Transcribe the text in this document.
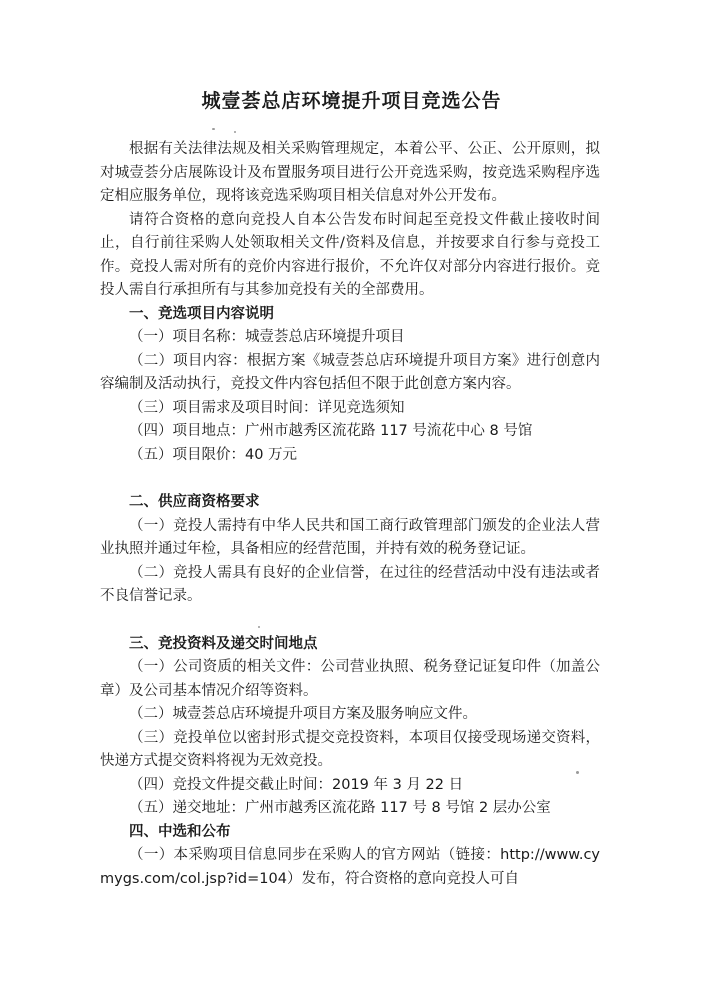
城壹荟总店环境提升项目竞选公告

根据有关法律法规及相关采购管理规定，本着公平、公正、公开原则，拟对城壹荟分店展陈设计及布置服务项目进行公开竞选采购，按竞选采购程序选定相应服务单位，现将该竞选采购项目相关信息对外公开发布。

请符合资格的意向竞投人自本公告发布时间起至竞投文件截止接收时间止，自行前往采购人处领取相关文件/资料及信息，并按要求自行参与竞投工作。竞投人需对所有的竞价内容进行报价，不允许仅对部分内容进行报价。竞投人需自行承担所有与其参加竞投有关的全部费用。

一、竞选项目内容说明

（一）项目名称：城壹荟总店环境提升项目

（二）项目内容：根据方案《城壹荟总店环境提升项目方案》进行创意内容编制及活动执行，竞投文件内容包括但不限于此创意方案内容。

（三）项目需求及项目时间：详见竞选须知

（四）项目地点：广州市越秀区流花路 117 号流花中心 8 号馆

（五）项目限价：40 万元

二、供应商资格要求

（一）竞投人需持有中华人民共和国工商行政管理部门颁发的企业法人营业执照并通过年检，具备相应的经营范围，并持有效的税务登记证。

（二）竞投人需具有良好的企业信誉，在过往的经营活动中没有违法或者不良信誉记录。

三、竞投资料及递交时间地点

（一）公司资质的相关文件：公司营业执照、税务登记证复印件（加盖公章）及公司基本情况介绍等资料。

（二）城壹荟总店环境提升项目方案及服务响应文件。

（三）竞投单位以密封形式提交竞投资料，本项目仅接受现场递交资料，快递方式提交资料将视为无效竞投。

（四）竞投文件提交截止时间：2019 年 3 月 22 日

（五）递交地址：广州市越秀区流花路 117 号 8 号馆 2 层办公室

四、中选和公布

（一）本采购项目信息同步在采购人的官方网站（链接：http://www.cymygs.com/col.jsp?id=104）发布，符合资格的意向竞投人可自
